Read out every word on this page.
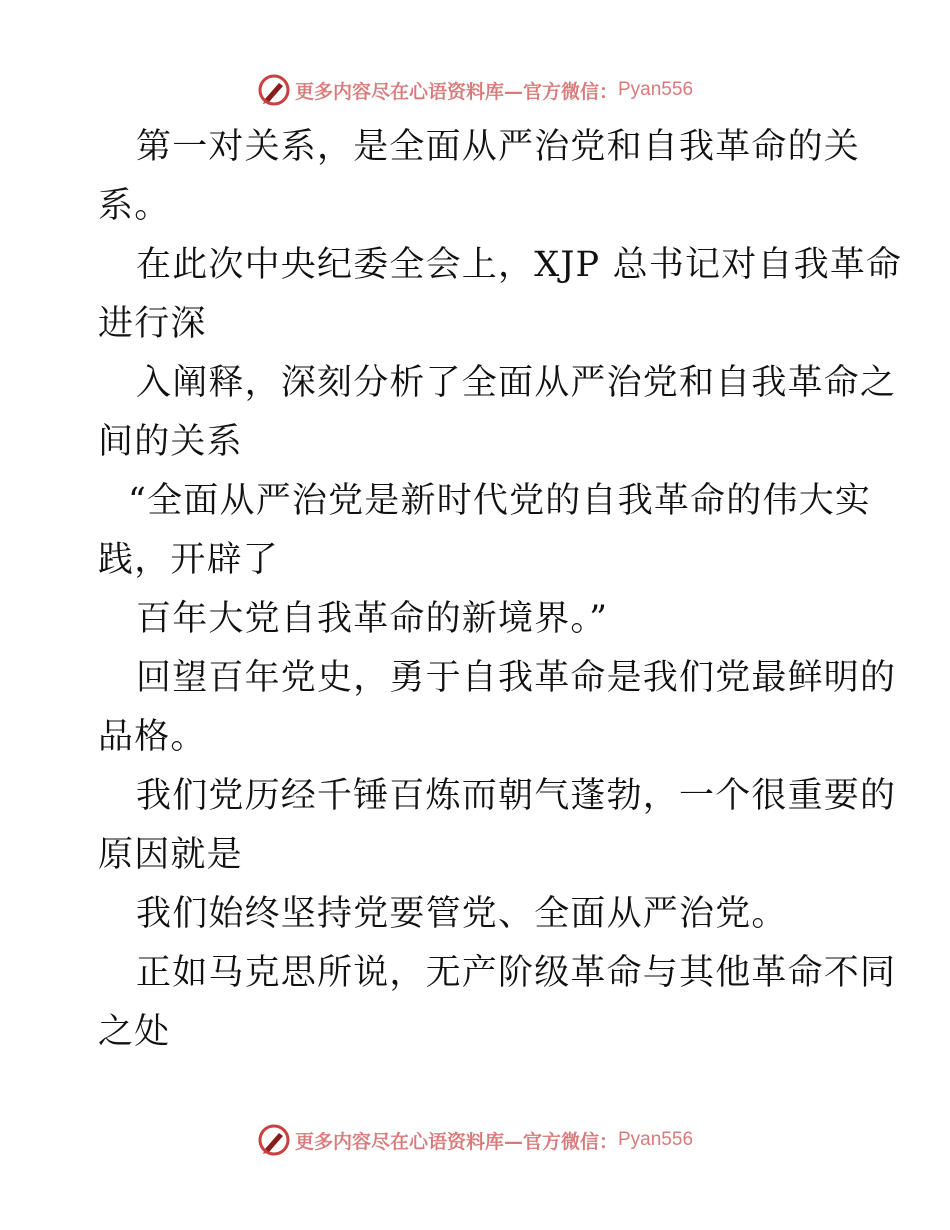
更多内容尽在心语资料库—官方微信： Pyan556

第一对关系，是全面从严治党和自我革命的关
系。

在此次中央纪委全会上，XJP 总书记对自我革命
进行深

入阐释，深刻分析了全面从严治党和自我革命之
间的关系

“全面从严治党是新时代党的自我革命的伟大实
践，开辟了

百年大党自我革命的新境界。”

回望百年党史，勇于自我革命是我们党最鲜明的
品格。

我们党历经千锤百炼而朝气蓬勃，一个很重要的
原因就是

我们始终坚持党要管党、全面从严治党。

正如马克思所说，无产阶级革命与其他革命不同
之处

更多内容尽在心语资料库—官方微信： Pyan556
